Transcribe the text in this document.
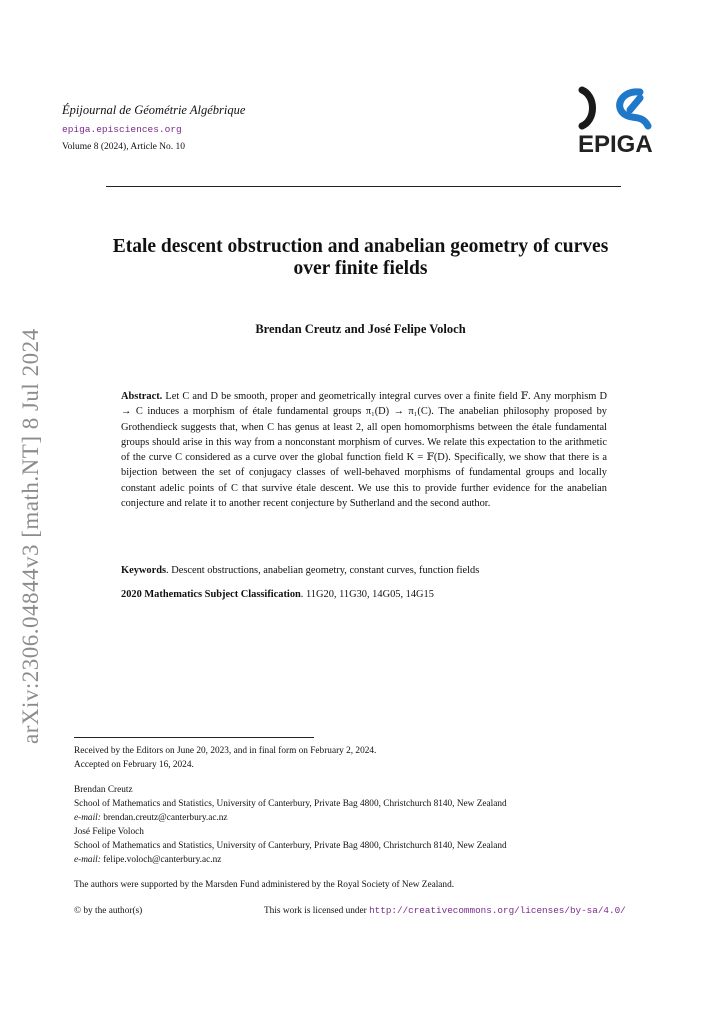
Épijournal de Géométrie Algébrique
epiga.episciences.org
Volume 8 (2024), Article No. 10	EPIGA
Etale descent obstruction and anabelian geometry of curves
over finite fields
Brendan Creutz and José Felipe Voloch
arXiv:2306.04844v3 [math.NT] 8 Jul 2024	Abstract. Let C and D be smooth, proper and geometrically integral curves over a finite field 𝔽. Any morphism D → C induces a morphism of étale fundamental groups π₁(D) → π₁(C). The anabelian philosophy proposed by Grothendieck suggests that, when C has genus at least 2, all open homomorphisms between the étale fundamental groups should arise in this way from a nonconstant morphism of curves. We relate this expectation to the arithmetic of the curve C considered as a curve over the global function field K = 𝔽(D). Specifically, we show that there is a bijection between the set of conjugacy classes of well-behaved morphisms of fundamental groups and locally constant adelic points of C that survive étale descent. We use this to provide further evidence for the anabelian conjecture and relate it to another recent conjecture by Sutherland and the second author.
Keywords. Descent obstructions, anabelian geometry, constant curves, function fields
2020 Mathematics Subject Classification. 11G20, 11G30, 14G05, 14G15
Received by the Editors on June 20, 2023, and in final form on February 2, 2024.
Accepted on February 16, 2024.
Brendan Creutz
School of Mathematics and Statistics, University of Canterbury, Private Bag 4800, Christchurch 8140, New Zealand
e-mail: brendan.creutz@canterbury.ac.nz
José Felipe Voloch
School of Mathematics and Statistics, University of Canterbury, Private Bag 4800, Christchurch 8140, New Zealand
e-mail: felipe.voloch@canterbury.ac.nz
The authors were supported by the Marsden Fund administered by the Royal Society of New Zealand.
© by the author(s)	This work is licensed under http://creativecommons.org/licenses/by-sa/4.0/
